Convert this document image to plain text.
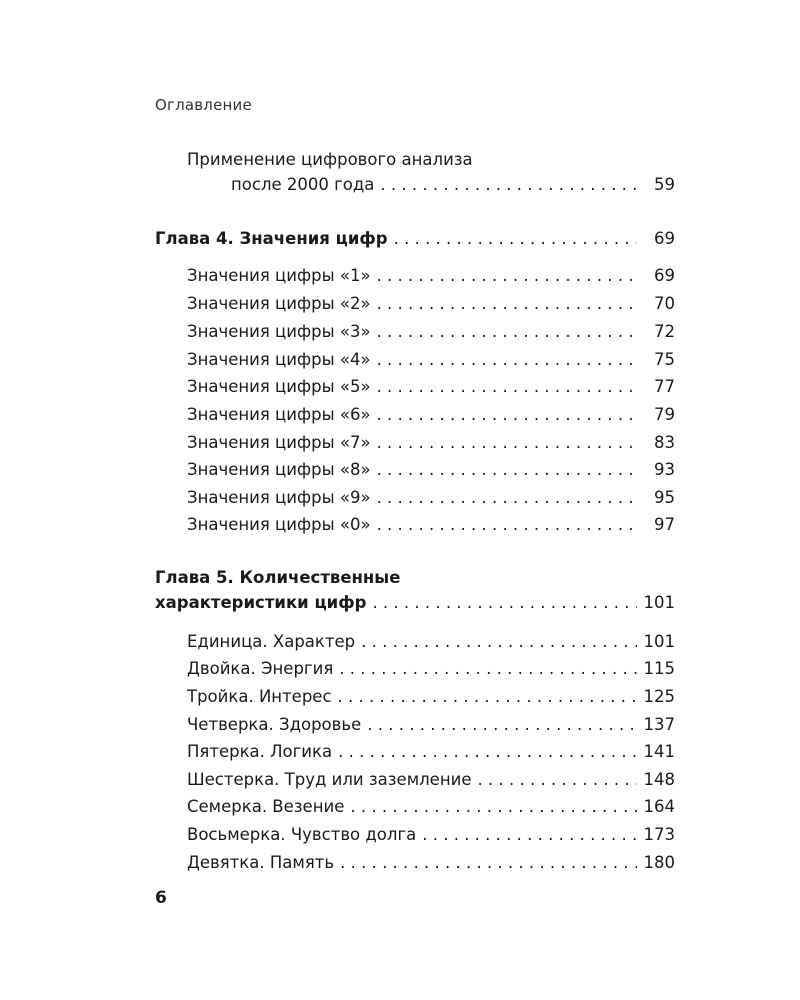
Оглавление
Применение цифрового анализа
после 2000 года . . .	59
Глава 4. Значения цифр . . .	69
Значения цифры «1» . . .	69
Значения цифры «2» . . .	70
Значения цифры «3» . . .	72
Значения цифры «4» . . .	75
Значения цифры «5» . . .	77
Значения цифры «6» . . .	79
Значения цифры «7» . . .	83
Значения цифры «8» . . .	93
Значения цифры «9» . . .	95
Значения цифры «0» . . .	97
Глава 5. Количественные
характеристики цифр . . .	101
Единица. Характер . . .	101
Двойка. Энергия . . .	115
Тройка. Интерес . . .	125
Четверка. Здоровье . . .	137
Пятерка. Логика . . .	141
Шестерка. Труд или заземление . . .	148
Семерка. Везение . . .	164
Восьмерка. Чувство долга . . .	173
Девятка. Память . . .	180
6
